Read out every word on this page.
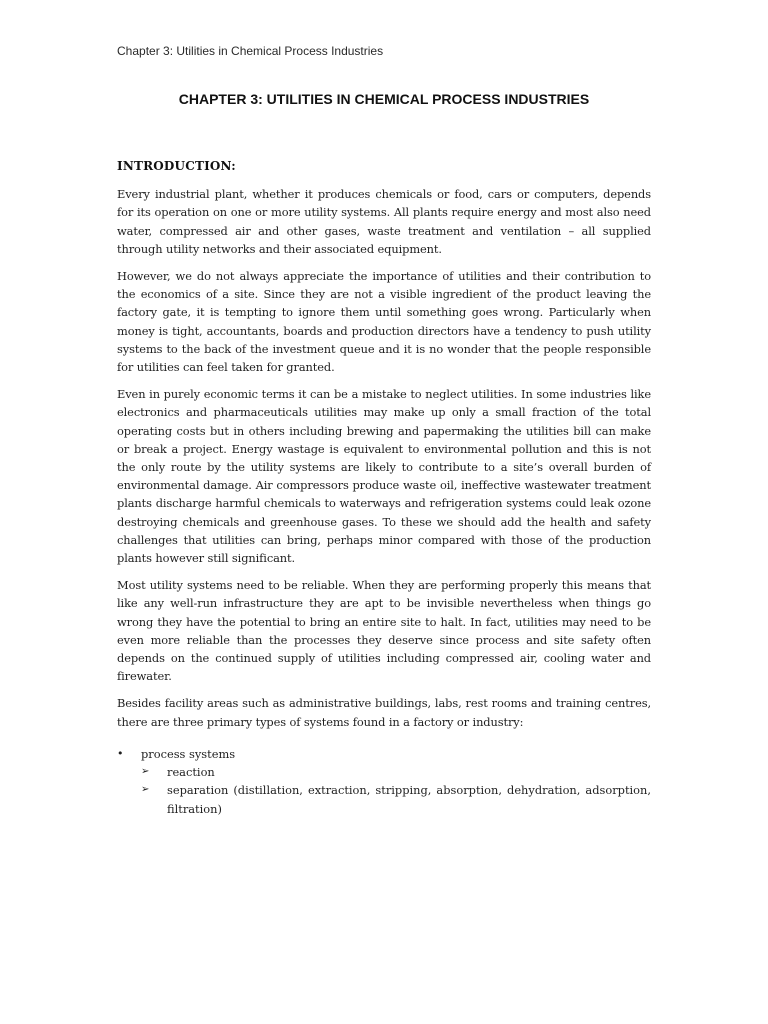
Chapter 3: Utilities in Chemical Process Industries
CHAPTER 3: UTILITIES IN CHEMICAL PROCESS INDUSTRIES
INTRODUCTION:

Every industrial plant, whether it produces chemicals or food, cars or computers, depends for its operation on one or more utility systems. All plants require energy and most also need water, compressed air and other gases, waste treatment and ventilation – all supplied through utility networks and their associated equipment.

However, we do not always appreciate the importance of utilities and their contribution to the economics of a site. Since they are not a visible ingredient of the product leaving the factory gate, it is tempting to ignore them until something goes wrong. Particularly when money is tight, accountants, boards and production directors have a tendency to push utility systems to the back of the investment queue and it is no wonder that the people responsible for utilities can feel taken for granted.

Even in purely economic terms it can be a mistake to neglect utilities. In some industries like electronics and pharmaceuticals utilities may make up only a small fraction of the total operating costs but in others including brewing and papermaking the utilities bill can make or break a project. Energy wastage is equivalent to environmental pollution and this is not the only route by the utility systems are likely to contribute to a site’s overall burden of environmental damage. Air compressors produce waste oil, ineffective wastewater treatment plants discharge harmful chemicals to waterways and refrigeration systems could leak ozone destroying chemicals and greenhouse gases. To these we should add the health and safety challenges that utilities can bring, perhaps minor compared with those of the production plants however still significant.

Most utility systems need to be reliable. When they are performing properly this means that like any well-run infrastructure they are apt to be invisible nevertheless when things go wrong they have the potential to bring an entire site to halt. In fact, utilities may need to be even more reliable than the processes they deserve since process and site safety often depends on the continued supply of utilities including compressed air, cooling water and firewater.

Besides facility areas such as administrative buildings, labs, rest rooms and training centres, there are three primary types of systems found in a factory or industry:

• process systems
➢	reaction
➢	separation (distillation, extraction, stripping, absorption, dehydration, adsorption, filtration)
